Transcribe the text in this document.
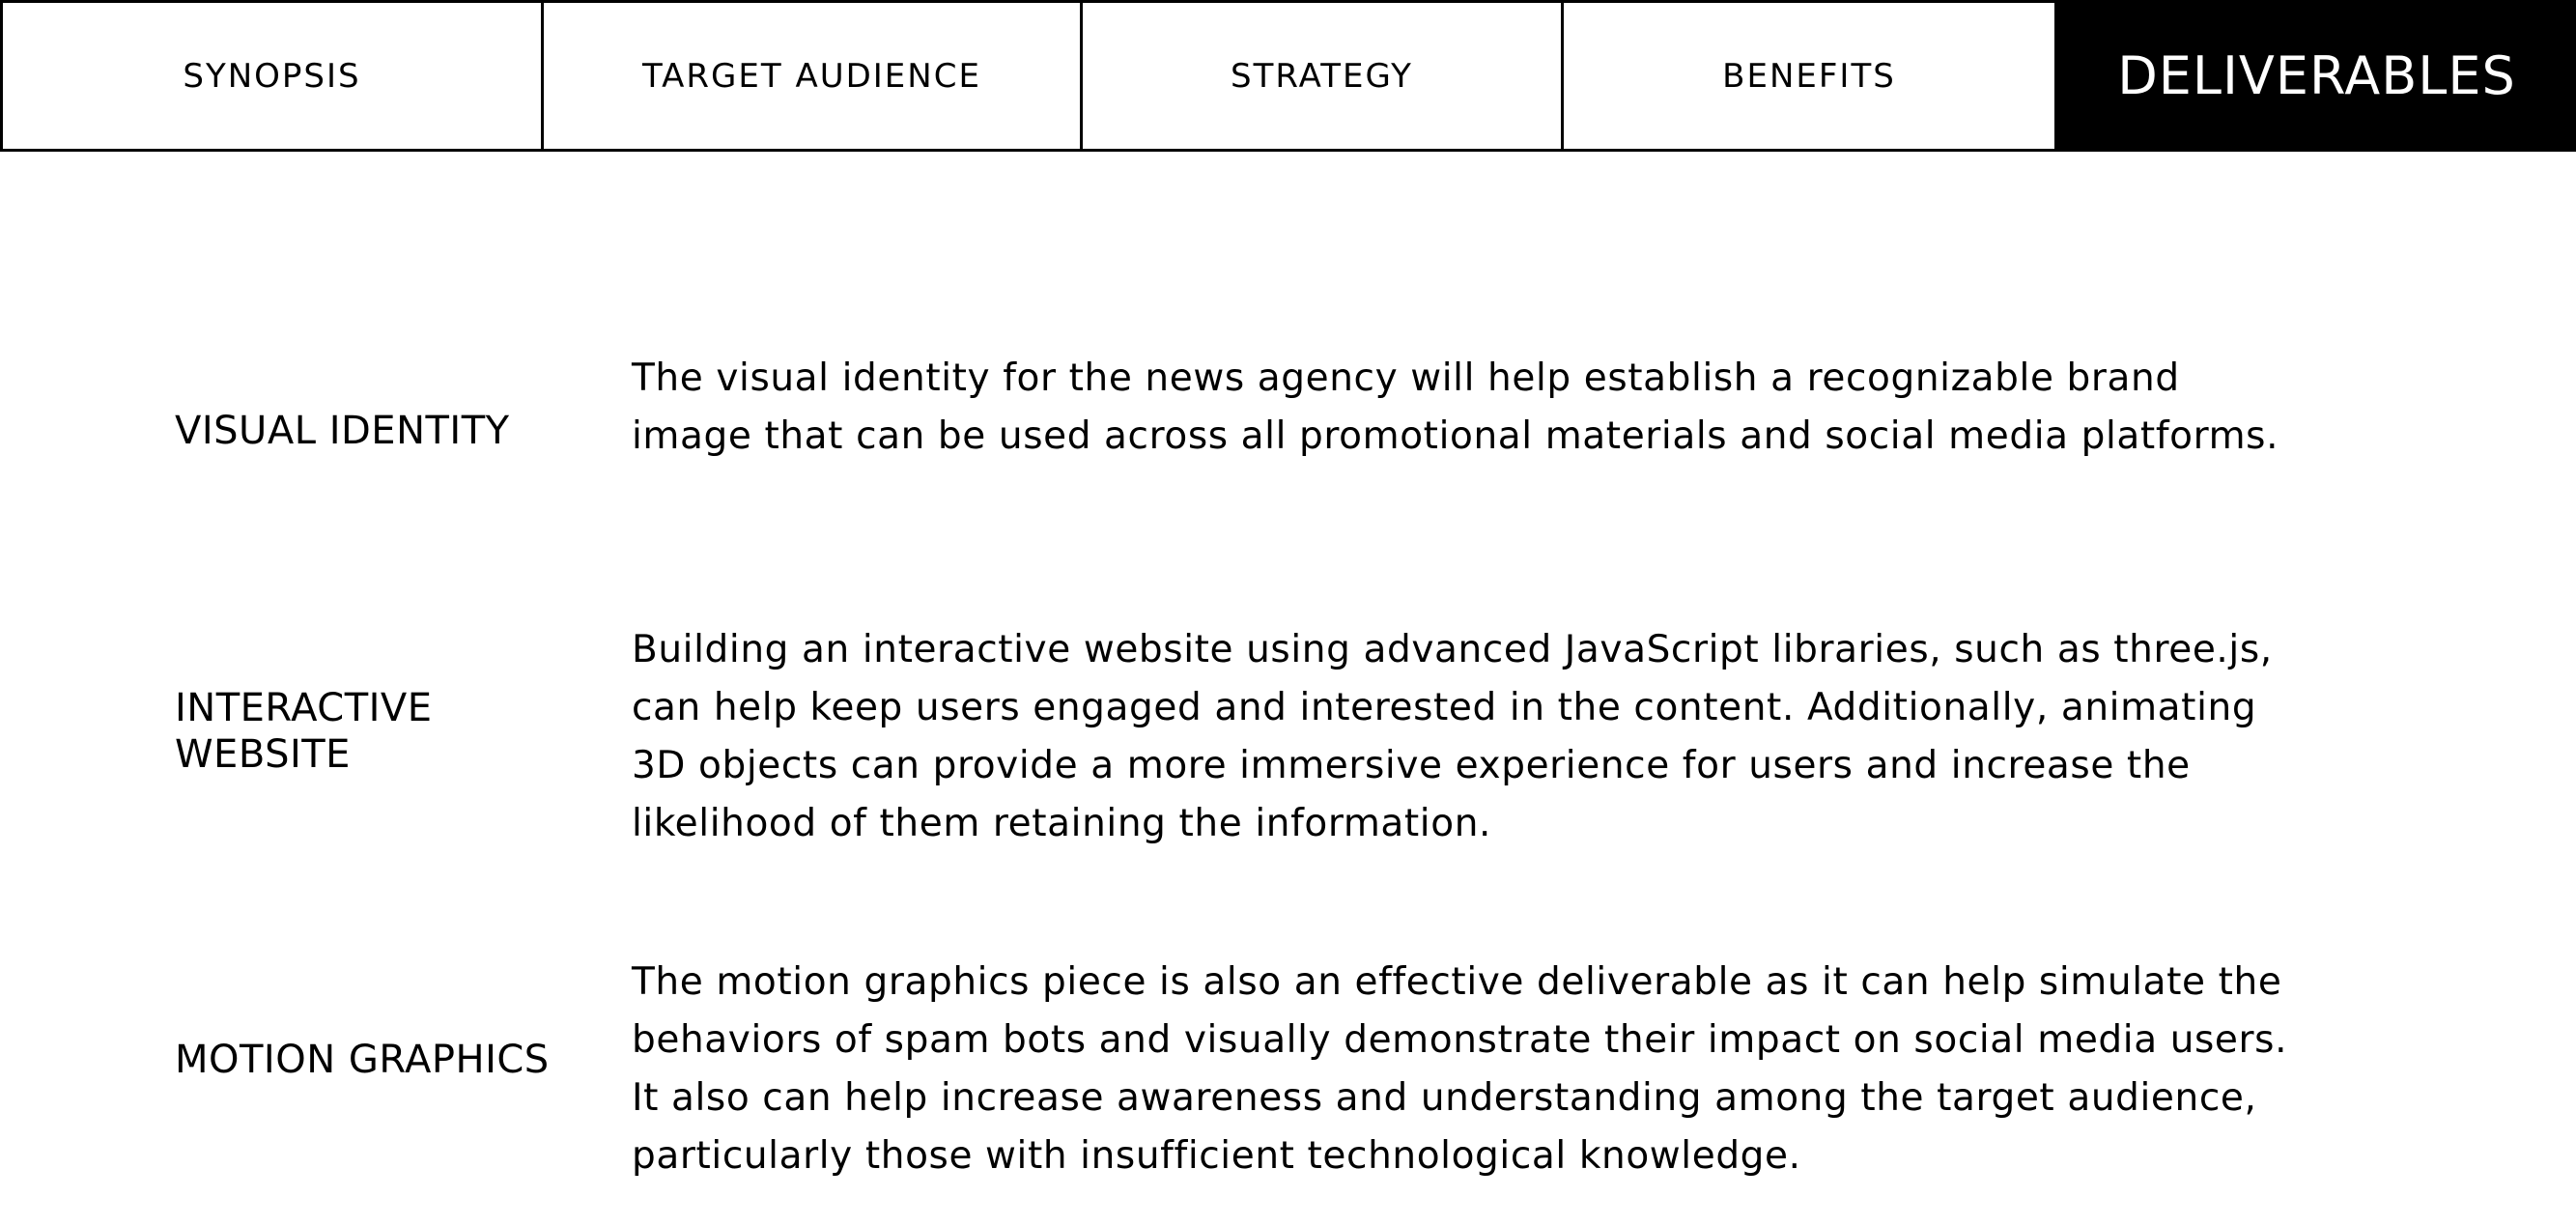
SYNOPSIS	TARGET AUDIENCE	STRATEGY	BENEFITS	DELIVERABLES
VISUAL IDENTITY

The visual identity for the news agency will help establish a recognizable brand image that can be used across all promotional materials and social media platforms.

INTERACTIVE WEBSITE

Building an interactive website using advanced JavaScript libraries, such as three.js, can help keep users engaged and interested in the content. Additionally, animating 3D objects can provide a more immersive experience for users and increase the likelihood of them retaining the information.

MOTION GRAPHICS

The motion graphics piece is also an effective deliverable as it can help simulate the behaviors of spam bots and visually demonstrate their impact on social media users. It also can help increase awareness and understanding among the target audience, particularly those with insufficient technological knowledge.
